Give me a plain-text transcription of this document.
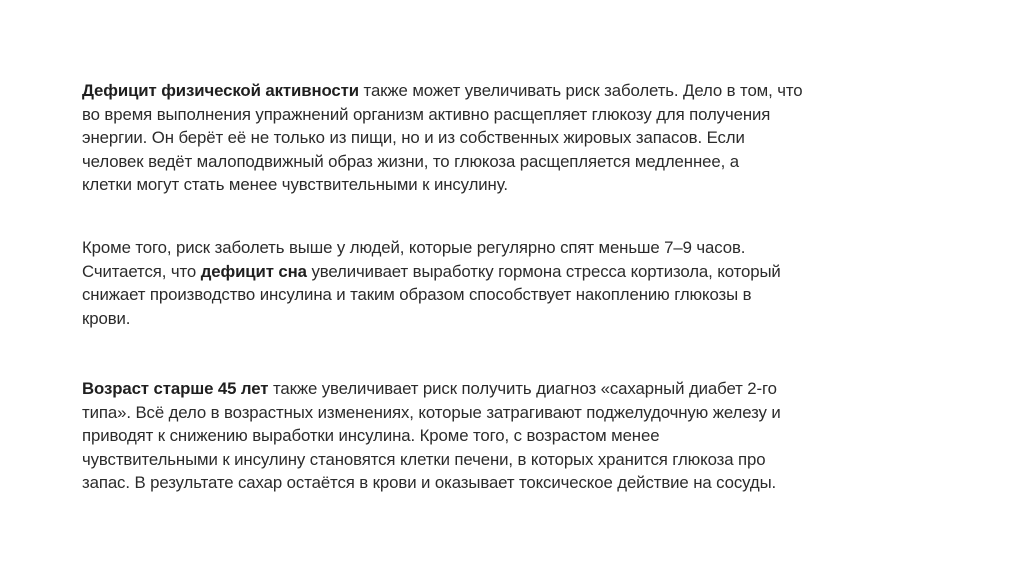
Дефицит физической активности также может увеличивать риск заболеть. Дело в том, что
во время выполнения упражнений организм активно расщепляет глюкозу для получения
энергии. Он берёт её не только из пищи, но и из собственных жировых запасов. Если
человек ведёт малоподвижный образ жизни, то глюкоза расщепляется медленнее, а
клетки могут стать менее чувствительными к инсулину.

Кроме того, риск заболеть выше у людей, которые регулярно спят меньше 7–9 часов.
Считается, что дефицит сна увеличивает выработку гормона стресса кортизола, который
снижает производство инсулина и таким образом способствует накоплению глюкозы в
крови.

Возраст старше 45 лет также увеличивает риск получить диагноз «сахарный диабет 2-го
типа». Всё дело в возрастных изменениях, которые затрагивают поджелудочную железу и
приводят к снижению выработки инсулина. Кроме того, с возрастом менее
чувствительными к инсулину становятся клетки печени, в которых хранится глюкоза про
запас. В результате сахар остаётся в крови и оказывает токсическое действие на сосуды.
